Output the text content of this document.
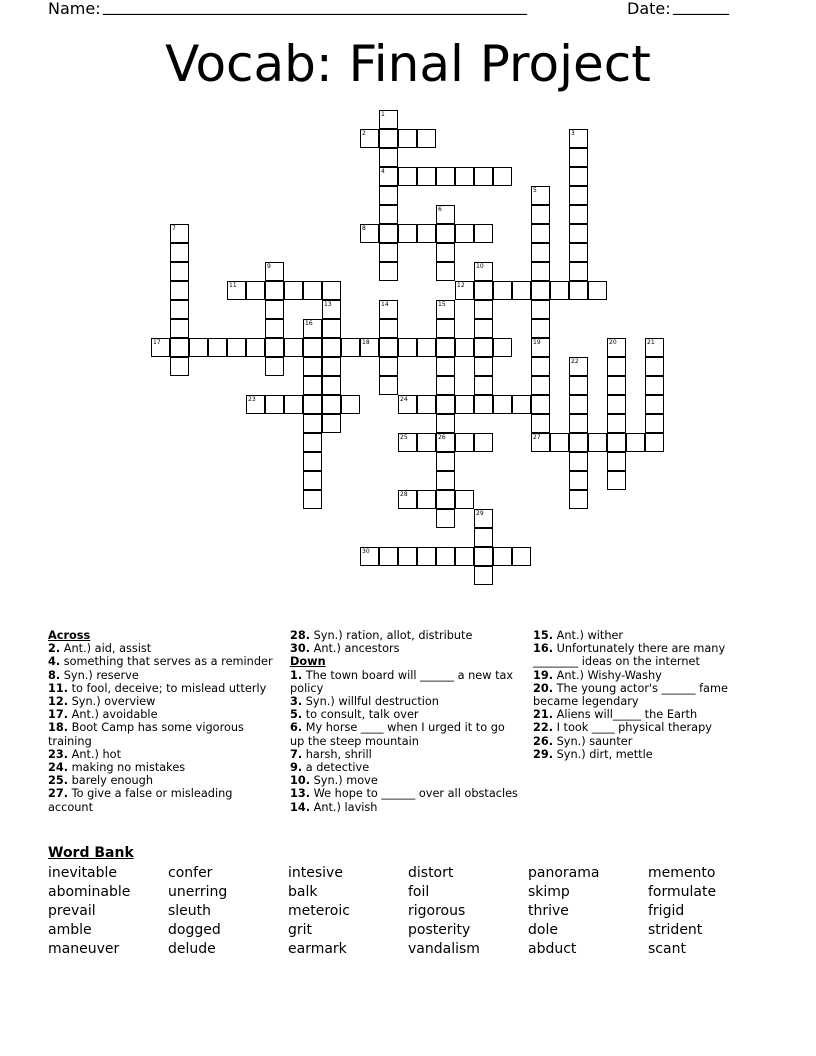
Name: _____________________________________________________	Date: _______
Vocab: Final Project
1
4
2	3
5
19
27
6
7	8
9	10
11	12
13	14	15
26
16
17	18	20	21
22
23	24
25
28
29
30
Across
2. Ant.) aid, assist
4. something that serves as a reminder
8. Syn.) reserve
11. to fool, deceive; to mislead utterly
12. Syn.) overview
17. Ant.) avoidable
18. Boot Camp has some vigorous training
23. Ant.) hot
24. making no mistakes
25. barely enough
27. To give a false or misleading account
28. Syn.) ration, allot, distribute
30. Ant.) ancestors
Down
1. The town board will ______ a new tax policy
3. Syn.) willful destruction
5. to consult, talk over
6. My horse ____ when I urged it to go up the steep mountain
7. harsh, shrill
9. a detective
10. Syn.) move
13. We hope to ______ over all obstacles
14. Ant.) lavish
15. Ant.) wither
16. Unfortunately there are many ________ ideas on the internet
19. Ant.) Wishy-Washy
20. The young actor's ______ fame became legendary
21. Aliens will_____ the Earth
22. I took ____ physical therapy
26. Syn.) saunter
29. Syn.) dirt, mettle
Word Bank
inevitable
abominable
prevail
amble
maneuver
confer
unerring
sleuth
dogged
delude
intesive
balk
meteroic
grit
earmark
distort
foil
rigorous
posterity
vandalism
panorama
skimp
thrive
dole
abduct
memento
formulate
frigid
strident
scant
